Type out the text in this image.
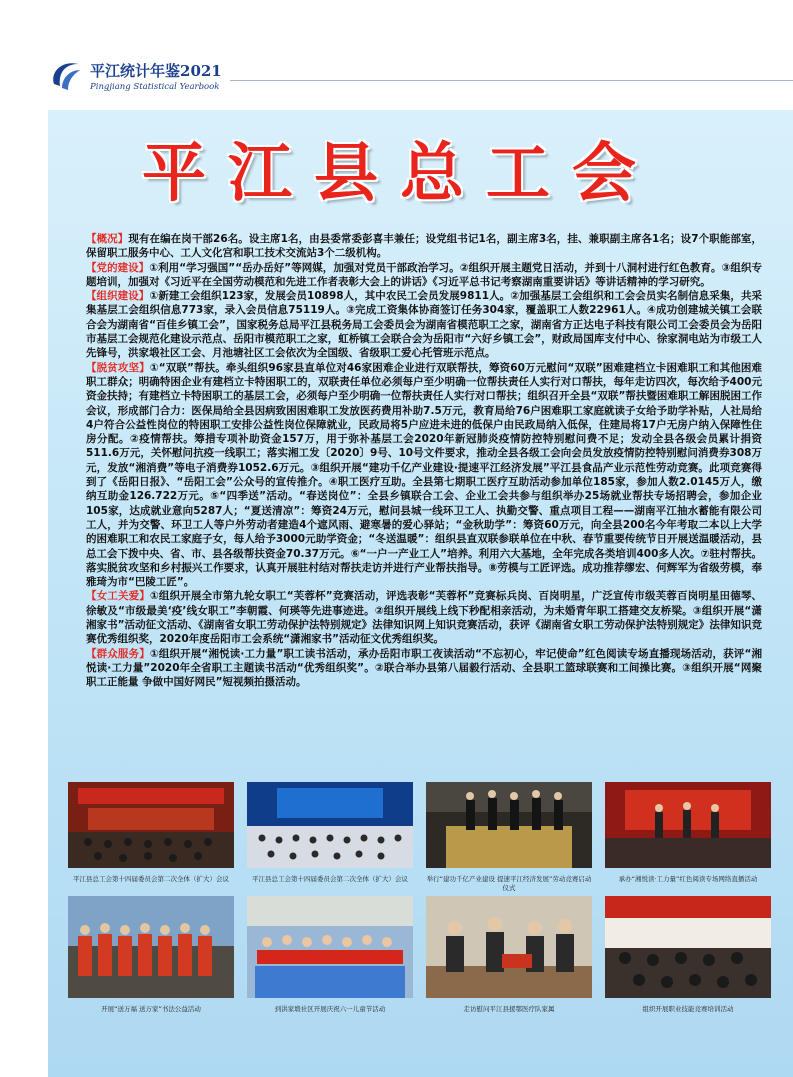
平江统计年鉴2021
Pingjiang Statistical Yearbook
平江县总工会

【概况】现有在编在岗干部26名。设主席1名，由县委常委彭喜丰兼任；设党组书记1名，副主席3名，挂、兼职副主席各1名；设7个职能部室，保留职工服务中心、工人文化宫和职工技术交流站3个二级机构。

【党的建设】①利用“学习强国”“岳办岳好”等网媒，加强对党员干部政治学习。②组织开展主题党日活动，并到十八洞村进行红色教育。③组织专题培训，加强对《习近平在全国劳动模范和先进工作者表彰大会上的讲话》《习近平总书记考察湖南重要讲话》等讲话精神的学习研究。

【组织建设】①新建工会组织123家，发展会员10898人，其中农民工会员发展9811人。②加强基层工会组织和工会会员实名制信息采集，共采集基层工会组织信息773家，录入会员信息75119人。③完成工资集体协商签订任务304家，覆盖职工人数22961人。④成功创建城关镇工会联合会为湖南省“百佳乡镇工会”，国家税务总局平江县税务局工会委员会为湖南省模范职工之家，湖南省方正达电子科技有限公司工会委员会为岳阳市基层工会规范化建设示范点、岳阳市模范职工之家，虹桥镇工会联合会为岳阳市“六好乡镇工会”，财政局国库支付中心、徐家洞电站为市级工人先锋号，洪家塅社区工会、月池塘社区工会依次为全国级、省级职工爱心托管班示范点。

【脱贫攻坚】①“双联”帮扶。牵头组织96家县直单位对46家困难企业进行双联帮扶，筹资60万元慰问“双联”困难建档立卡困难职工和其他困难职工群众；明确特困企业有建档立卡特困职工的，双联责任单位必须每户至少明确一位帮扶责任人实行对口帮扶，每年走访四次，每次给予400元资金扶持；有建档立卡特困职工的基层工会，必须每户至少明确一位帮扶责任人实行对口帮扶；组织召开全县“双联”帮扶暨困难职工解困脱困工作会议，形成部门合力：医保局给全县因病致困困难职工发放医药费用补助7.5万元，教育局给76户困难职工家庭就读子女给予助学补贴，人社局给4户符合公益性岗位的特困职工安排公益性岗位保障就业，民政局将5户应进未进的低保户由民政局纳入低保，住建局将17户无房户纳入保障性住房分配。②疫情帮扶。筹措专项补助资金157万，用于弥补基层工会2020年新冠肺炎疫情防控特别慰问费不足；发动全县各级会员累计捐资511.6万元，关怀慰问抗疫一线职工；落实湘工发〔2020〕9号、10号文件要求，推动全县各级工会向会员发放疫情防控特别慰问消费券308万元，发放“湘消费”等电子消费券1052.6万元。③组织开展“建功千亿产业建设·提速平江经济发展”平江县食品产业示范性劳动竞赛。此项竞赛得到了《岳阳日报》、“岳阳工会”公众号的宣传推介。④职工医疗互助。全县第七期职工医疗互助活动参加单位185家，参加人数2.0145万人，缴纳互助金126.722万元。⑤“四季送”活动。“春送岗位”：全县乡镇联合工会、企业工会共参与组织举办25场就业帮扶专场招聘会，参加企业105家，达成就业意向5287人；“夏送清凉”：筹资24万元，慰问县城一线环卫工人、执勤交警、重点项目工程——湖南平江抽水蓄能有限公司工人，并为交警、环卫工人等户外劳动者建造4个遮风雨、避寒暑的爱心驿站；“金秋助学”：筹资60万元，向全县200名今年考取二本以上大学的困难职工和农民工家庭子女，每人给予3000元助学资金；“冬送温暖”：组织县直双联参联单位在中秋、春节重要传统节日开展送温暖活动，县总工会下拨中央、省、市、县各级帮扶资金70.37万元。⑥“一户一产业工人”培养。利用六大基地，全年完成各类培训400多人次。⑦驻村帮扶。落实脱贫攻坚和乡村振兴工作要求，认真开展驻村结对帮扶走访并进行产业帮扶指导。⑧劳模与工匠评选。成功推荐缪宏、何辉军为省级劳模，奉雅琦为市“巴陵工匠”。

【女工关爱】①组织开展全市第九轮女职工“芙蓉杯”竞赛活动，评选表彰“芙蓉杯”竞赛标兵岗、百岗明星，广泛宣传市级芙蓉百岗明星田德琴、徐敏及“市级最美‘疫’线女职工”李朝霞、何瑛等先进事迹进。②组织开展线上线下秒配相亲活动，为未婚青年职工搭建交友桥梁。③组织开展“潇湘家书”活动征文活动、《湖南省女职工劳动保护法特别规定》法律知识网上知识竞赛活动，获评《湖南省女职工劳动保护法特别规定》法律知识竞赛优秀组织奖，2020年度岳阳市工会系统“潇湘家书”活动征文优秀组织奖。

【群众服务】①组织开展“湘悦读·工力量”职工读书活动，承办岳阳市职工夜读活动“不忘初心，牢记使命”红色阅读专场直播现场活动，获评“湘悦读·工力量”2020年全省职工主题读书活动“优秀组织奖”。②联合举办县第八届毅行活动、全县职工篮球联赛和工间操比赛。③组织开展“网聚职工正能量 争做中国好网民”短视频拍摄活动。

平江县总工会第十四届委员会第二次全体（扩大）会议	平江县总工会第十四届委员会第二次全体（扩大）会议	举行“建功千亿产业建设 提速平江经济发展”劳动竞赛启动仪式
承办“湘悦读·工力量”红色阅读专场网络直播活动
开展“送万福 送万家”书法公益活动	到洪家塅社区开展庆祝六一儿童节活动	走访慰问平江县援鄂医疗队家属	组织开展职业技能竞赛培训活动
